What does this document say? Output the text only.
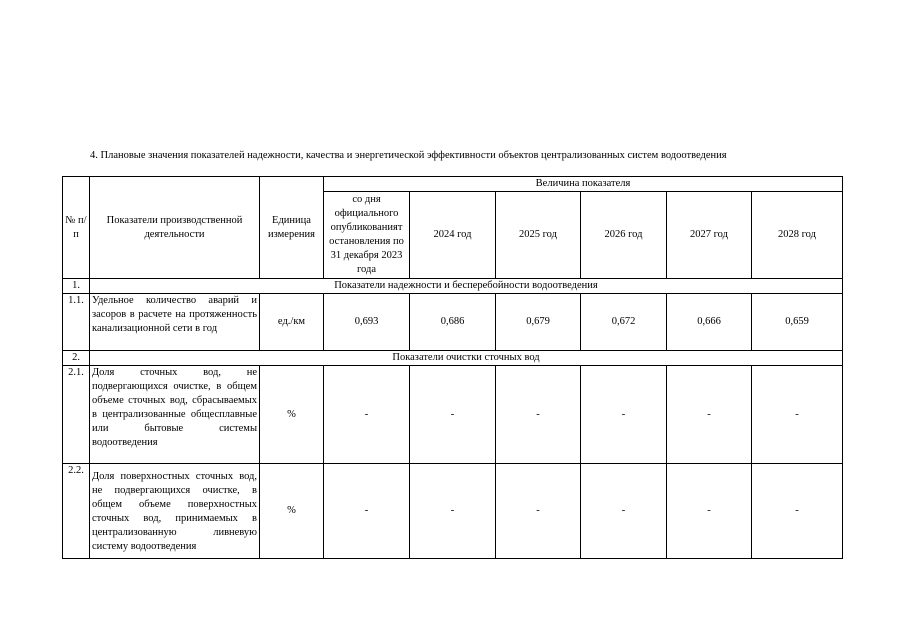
4. Плановые значения показателей надежности, качества и энергетической эффективности объектов централизованных систем водоотведения
№ п/п	Показатели производственной деятельности	Единица измерения	Величина показателя					
			со дня официального опубликованият остановления по 31 декабря 2023 года	2024 год	2025 год	2026 год	2027 год	2028 год
1.	Показатели надежности и бесперебойности водоотведения							
1.1.	Удельное количество аварий и засоров в расчете на протяженность канализационной сети в год	ед./км	0,693	0,686	0,679	0,672	0,666	0,659
2.	Показатели очистки сточных вод							
2.1.	Доля сточных вод, не подвергающихся очистке, в общем объеме сточных вод, сбрасываемых в централизованные общесплавные или бытовые системы водоотведения	%	-	-	-	-	-	-
2.2.	Доля поверхностных сточных вод, не подвергающихся очистке, в общем объеме поверхностных сточных вод, принимаемых в централизованную ливневую систему водоотведения	%	-	-	-	-	-	-
